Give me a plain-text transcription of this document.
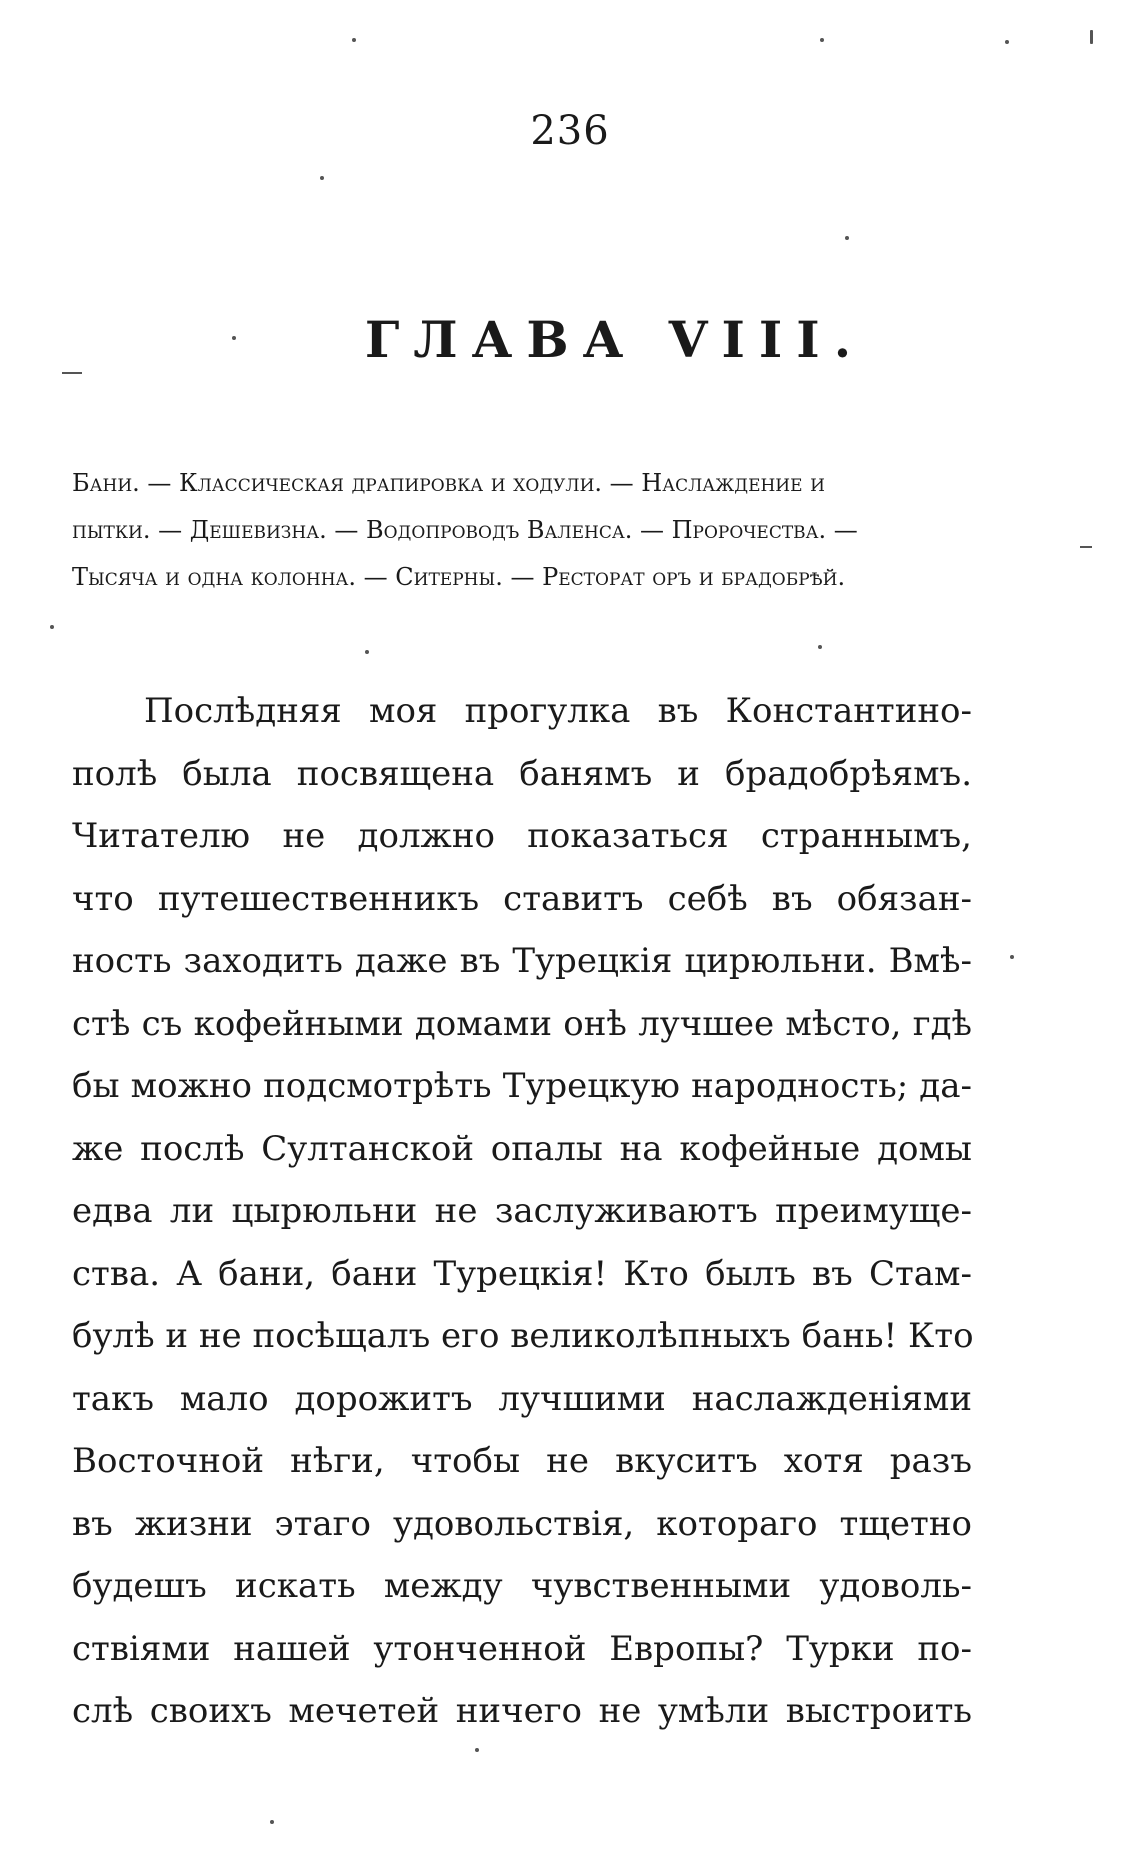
236
ГЛАВА VIII.
Бани. — Классическая драпировка и ходули. — Наслаждение и
пытки. — Дешевизна. — Водопроводъ Валенса. — Пророчества. —
Тысяча и одна колонна. — Ситерны. — Ресторат оръ и брадобрѣй.
Послѣдняя моя прогулка въ Константино-
полѣ была посвящена банямъ и брадобрѣямъ.
Читателю не должно показаться страннымъ,
что путешественникъ ставитъ себѣ въ обязан-
ность заходить даже въ Турецкія цирюльни. Вмѣ-
стѣ съ кофейными домами онѣ лучшее мѣсто, гдѣ
бы можно подсмотрѣть Турецкую народность; да-
же послѣ Султанской опалы на кофейные домы
едва ли цырюльни не заслуживаютъ преимуще-
ства. А бани, бани Турецкія! Кто былъ въ Стам-
булѣ и не посѣщалъ его великолѣпныхъ бань! Кто
такъ мало дорожитъ лучшими наслажденіями
Восточной нѣги, чтобы не вкуситъ хотя разъ
въ жизни этаго удовольствія, котораго тщетно
будешъ искать между чувственными удоволь-
ствіями нашей утонченной Европы? Турки по-
слѣ своихъ мечетей ничего не умѣли выстроить
